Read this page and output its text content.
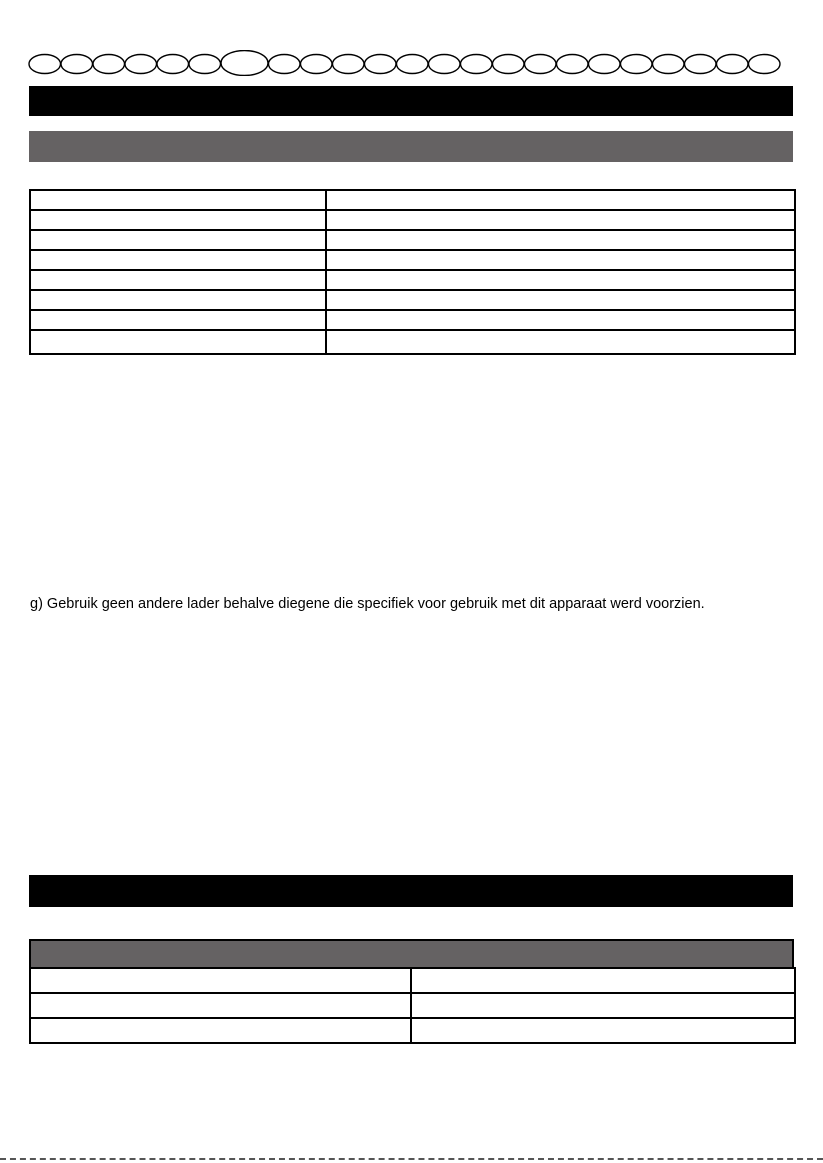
g) Gebruik geen andere lader behalve diegene die specifiek voor gebruik met dit apparaat werd voorzien.
